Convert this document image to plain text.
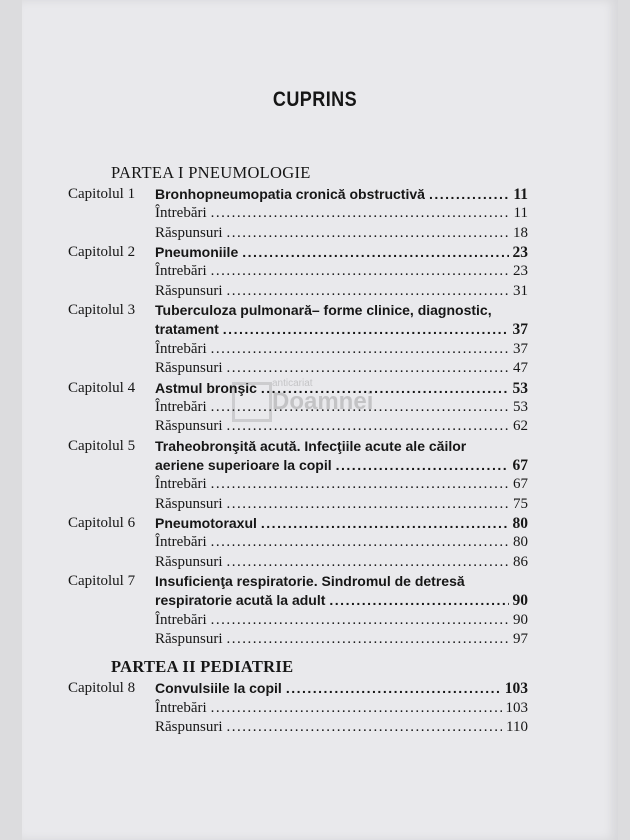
CUPRINS
PARTEA I PNEUMOLOGIE
Capitolul 1 Bronhopneumopatia cronică obstructivă .....	11
Întrebări .....	11
Răspunsuri .....	18
Capitolul 2 Pneumoniile .....	23
Întrebări .....	23
Răspunsuri .....	31
Capitolul 3 Tuberculoza pulmonară– forme clinice, diagnostic,
tratament .....	37
Întrebări .....	37
Răspunsuri .....	47
Capitolul 4 Astmul bronşic .....	53
Întrebări .....	53
Răspunsuri .....	62
Capitolul 5 Traheobronşită acută. Infecţiile acute ale căilor
aeriene superioare la copil .....	67
Întrebări .....	67
Răspunsuri .....	75
Capitolul 6 Pneumotoraxul .....	80
Întrebări .....	80
Răspunsuri .....	86
Capitolul 7 Insuficienţa respiratorie. Sindromul de detresă
respiratorie acută la adult .....	90
Întrebări .....	90
Răspunsuri .....	97
PARTEA II PEDIATRIE
Capitolul 8 Convulsiile la copil .....	103
Întrebări .....	103
Răspunsuri .....	110
anticariat
Doamnei
